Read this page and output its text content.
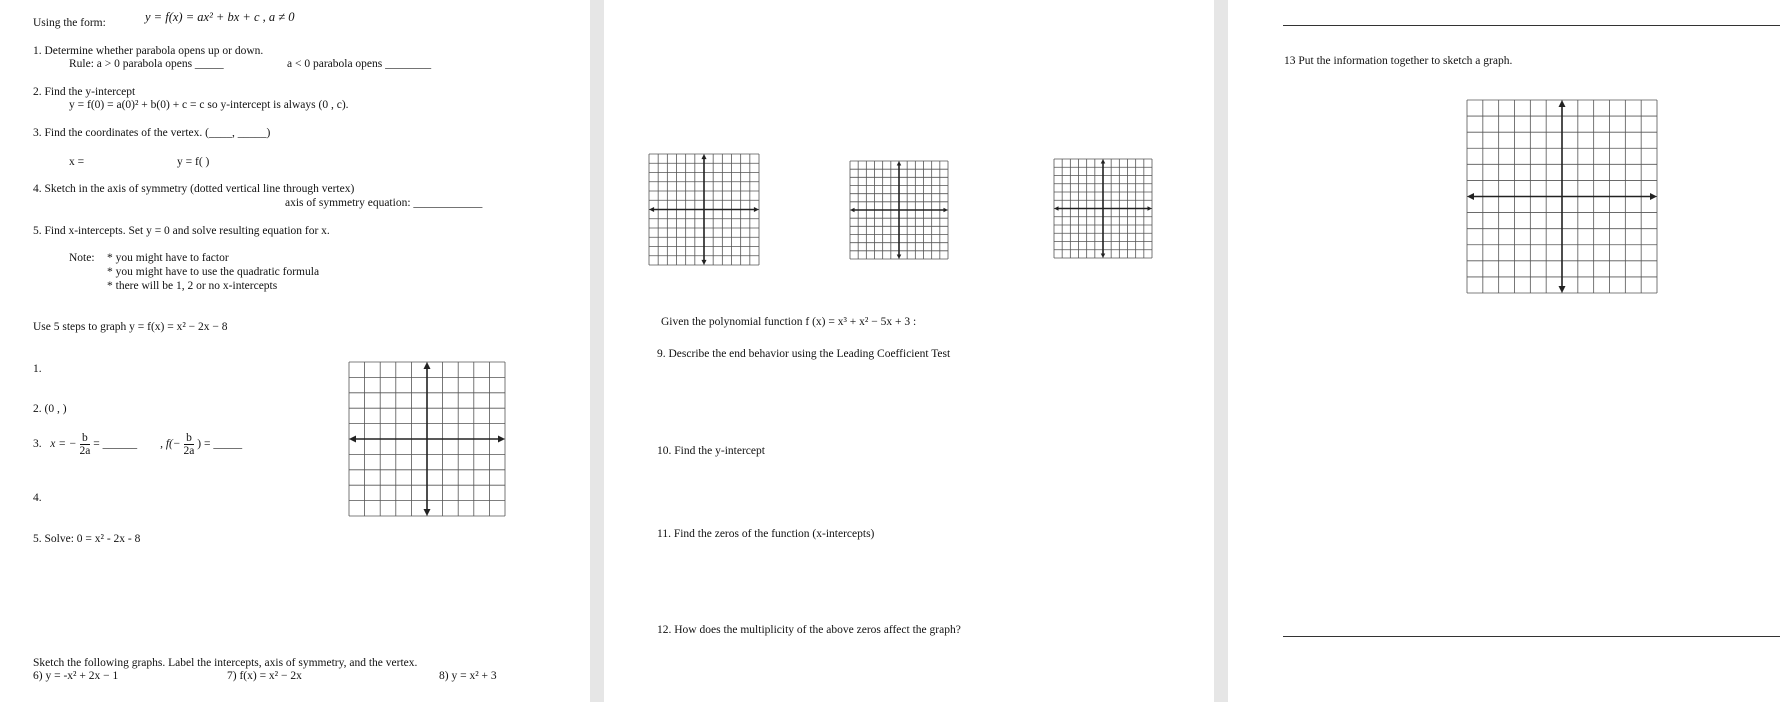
Using the form:	y = f(x) = ax² + bx + c , a ≠ 0
1. Determine whether parabola opens up or down.
Rule: a > 0 parabola opens _____	a < 0 parabola opens ________
2. Find the y-intercept
y = f(0) = a(0)² + b(0) + c = c so y-intercept is always (0 , c).
3. Find the coordinates of the vertex. (____, _____)
x =	y = f( )
4. Sketch in the axis of symmetry (dotted vertical line through vertex)
axis of symmetry equation: ____________
5. Find x-intercepts. Set y = 0 and solve resulting equation for x.
Note: * you might have to factor
* you might have to use the quadratic formula
* there will be 1, 2 or no x-intercepts
Use 5 steps to graph y = f(x) = x² − 2x − 8
1.
2. (0 , )
3. x = − $\frac{b}{2a}$ = ______ , $f(- \frac{b}{2a}$ ) = _____
4.
5. Solve: 0 = x² - 2x - 8
Sketch the following graphs. Label the intercepts, axis of symmetry, and the vertex.
6) y = -x² + 2x − 1	7) f(x) = x² − 2x	8) y = x² + 3
Given the polynomial function f (x) = x³ + x² − 5x + 3 :
9. Describe the end behavior using the Leading Coefficient Test
10. Find the y-intercept
11. Find the zeros of the function (x-intercepts)
12. How does the multiplicity of the above zeros affect the graph?
13 Put the information together to sketch a graph.
